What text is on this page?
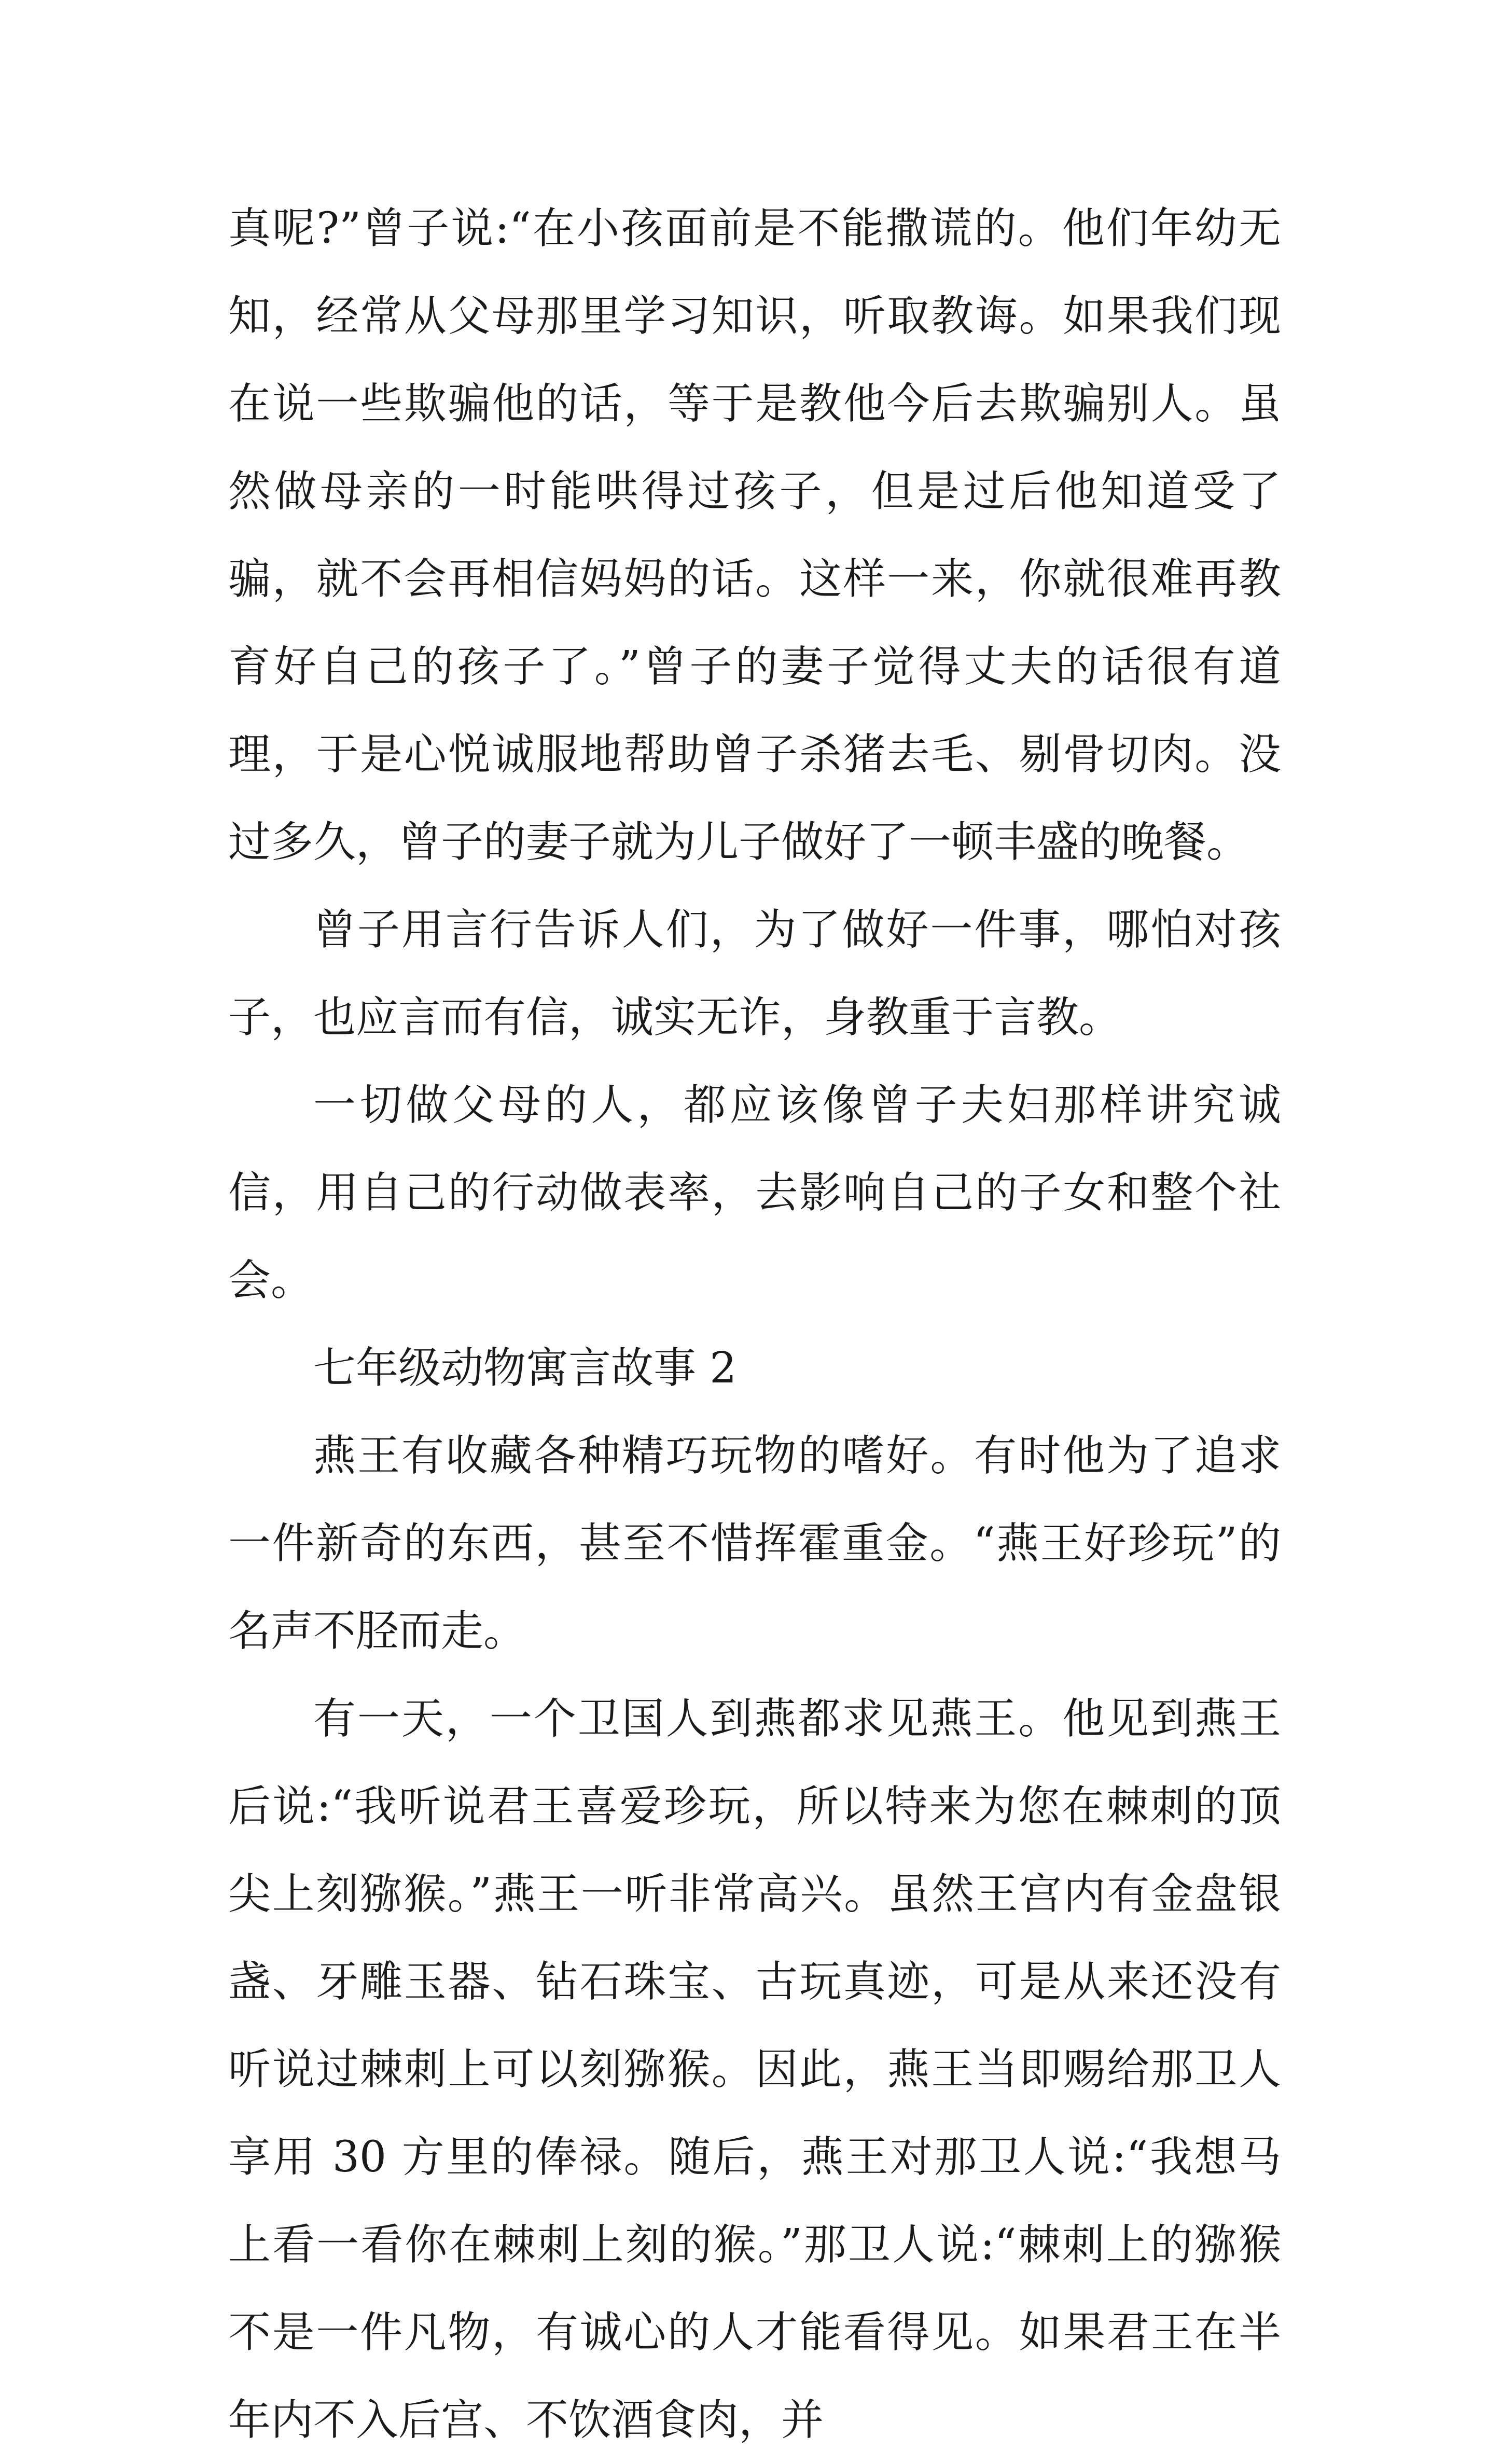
真呢?”曾子说:“在小孩面前是不能撒谎的。他们年幼无知，经常从父母那里学习知识，听取教诲。如果我们现在说一些欺骗他的话，等于是教他今后去欺骗别人。虽然做母亲的一时能哄得过孩子，但是过后他知道受了骗，就不会再相信妈妈的话。这样一来，你就很难再教育好自己的孩子了。”曾子的妻子觉得丈夫的话很有道理，于是心悦诚服地帮助曾子杀猪去毛、剔骨切肉。没过多久，曾子的妻子就为儿子做好了一顿丰盛的晚餐。

曾子用言行告诉人们，为了做好一件事，哪怕对孩子，也应言而有信，诚实无诈，身教重于言教。

一切做父母的人，都应该像曾子夫妇那样讲究诚信，用自己的行动做表率，去影响自己的子女和整个社会。

七年级动物寓言故事 2

燕王有收藏各种精巧玩物的嗜好。有时他为了追求一件新奇的东西，甚至不惜挥霍重金。“燕王好珍玩”的名声不胫而走。

有一天，一个卫国人到燕都求见燕王。他见到燕王后说:“我听说君王喜爱珍玩，所以特来为您在棘刺的顶尖上刻猕猴。”燕王一听非常高兴。虽然王宫内有金盘银盏、牙雕玉器、钻石珠宝、古玩真迹，可是从来还没有听说过棘刺上可以刻猕猴。因此，燕王当即赐给那卫人享用 30 方里的俸禄。随后，燕王对那卫人说:“我想马上看一看你在棘刺上刻的猴。”那卫人说:“棘刺上的猕猴不是一件凡物，有诚心的人才能看得见。如果君王在半年内不入后宫、不饮酒食肉，并
